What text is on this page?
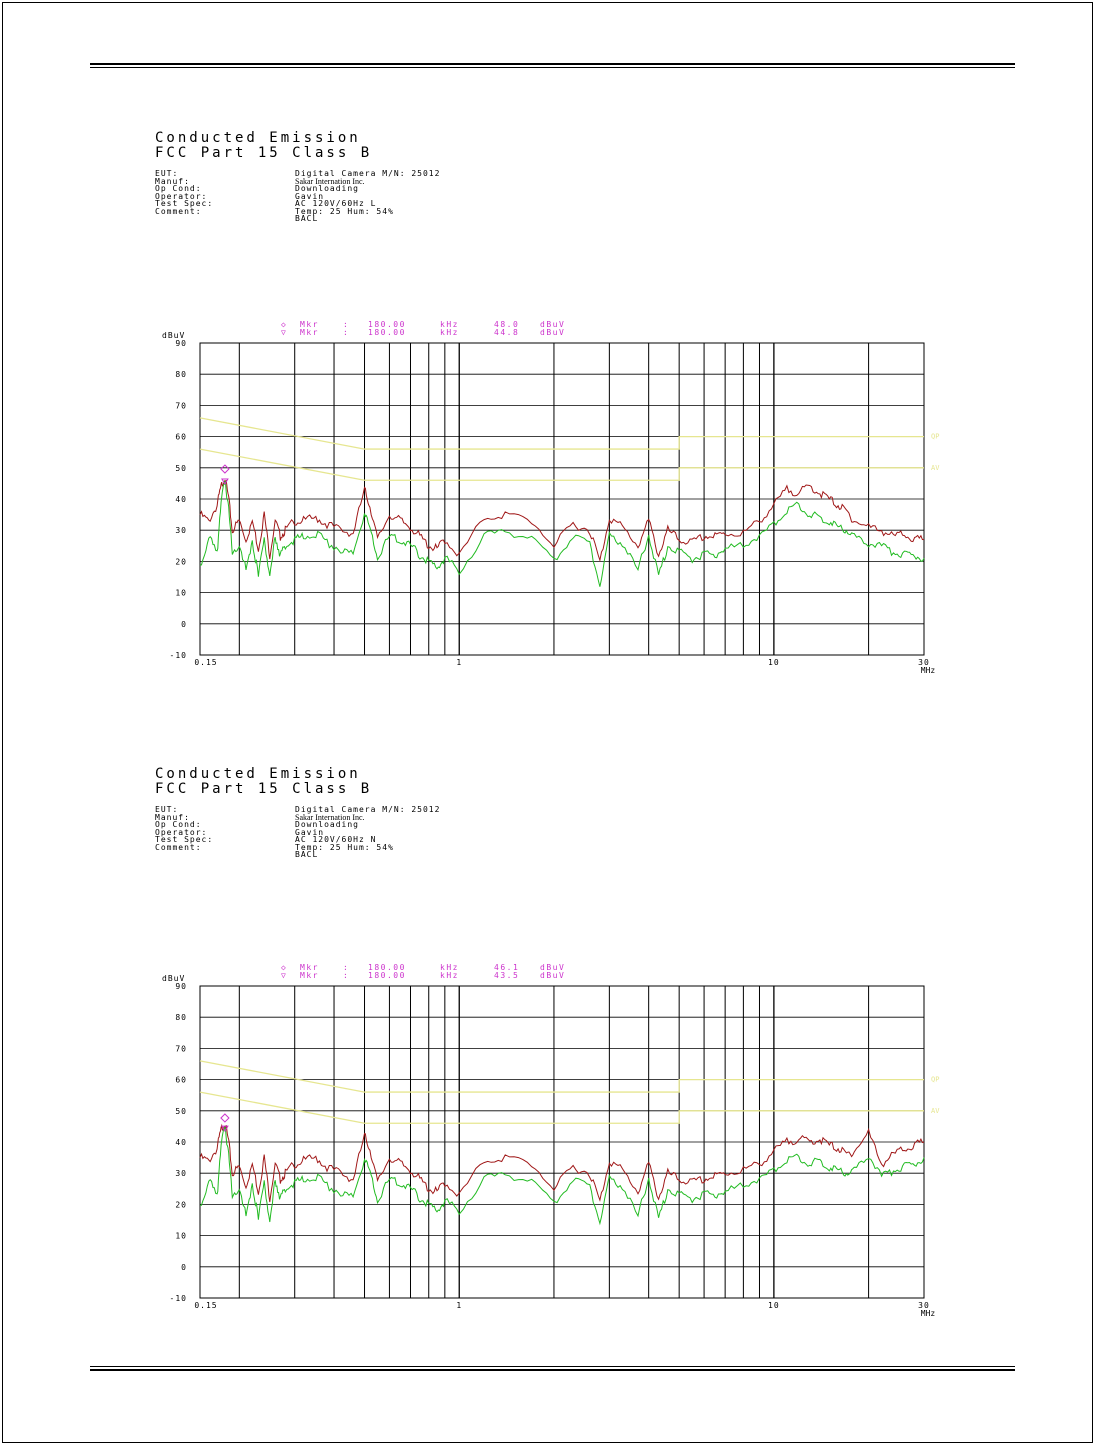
Conducted Emission
FCC Part 15 Class B
EUT:	Digital Camera M/N: 25012
Manuf:	Sakar Internation Inc.
Op Cond:	Downloading
Operator:	Gavin
Test Spec:	AC 120V/60Hz L
Comment:	Temp: 25 Hum: 54%
	BACL
Conducted Emission
FCC Part 15 Class B
EUT:	Digital Camera M/N: 25012
Manuf:	Sakar Internation Inc.
Op Cond:	Downloading
Operator:	Gavin
Test Spec:	AC 120V/60Hz N
Comment:	Temp: 25 Hum: 54%
	BACL
90
80
70
60
50
40
30
20
10
0
-10
dBuV
0.15	1	10	30
MHz
QP
AV
◇ Mkr	: 180.00	kHz	48.0	dBuV
▽ Mkr	: 180.00	kHz	44.8	dBuV
90
80
70
60
50
40
30
20
10
0
-10
dBuV
0.15	1	10	30
MHz
QP
AV
◇ Mkr	: 180.00	kHz	46.1	dBuV
▽ Mkr	: 180.00	kHz	43.5	dBuV
